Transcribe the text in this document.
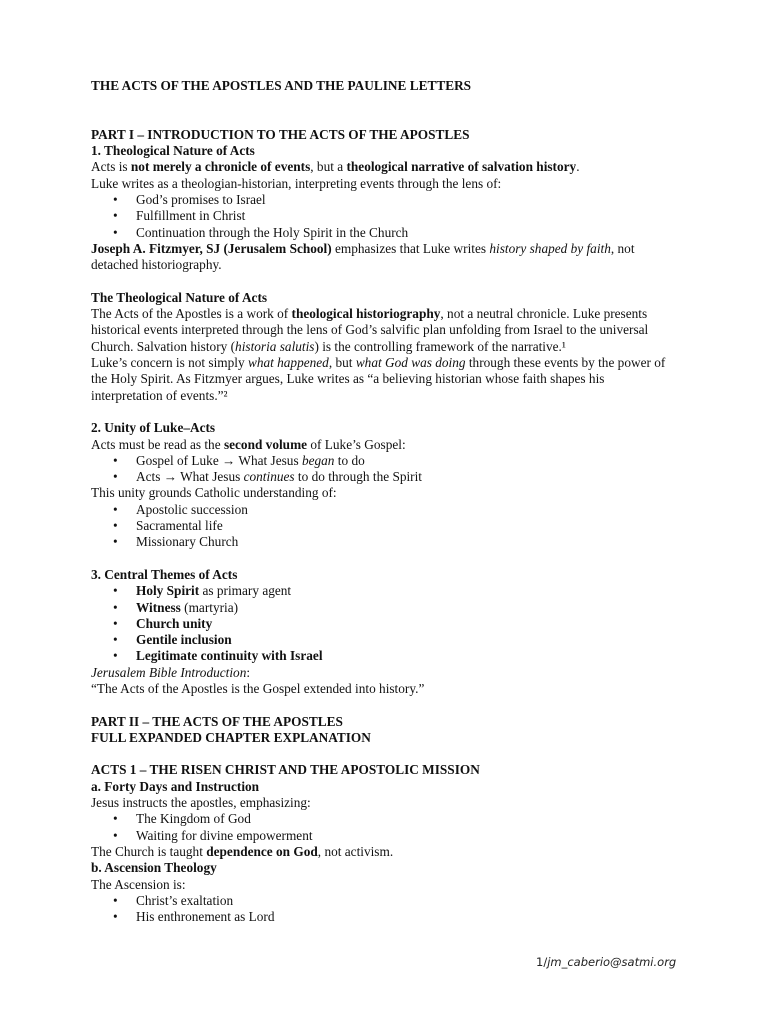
THE ACTS OF THE APOSTLES AND THE PAULINE LETTERS
PART I – INTRODUCTION TO THE ACTS OF THE APOSTLES
1. Theological Nature of Acts
Acts is not merely a chronicle of events, but a theological narrative of salvation history.
Luke writes as a theologian-historian, interpreting events through the lens of:
• God’s promises to Israel
• Fulfillment in Christ
• Continuation through the Holy Spirit in the Church
Joseph A. Fitzmyer, SJ (Jerusalem School) emphasizes that Luke writes history shaped by faith, not detached historiography.
The Theological Nature of Acts
The Acts of the Apostles is a work of theological historiography, not a neutral chronicle. Luke presents historical events interpreted through the lens of God’s salvific plan unfolding from Israel to the universal Church. Salvation history (historia salutis) is the controlling framework of the narrative.¹
Luke’s concern is not simply what happened, but what God was doing through these events by the power of the Holy Spirit. As Fitzmyer argues, Luke writes as “a believing historian whose faith shapes his interpretation of events.”²
2. Unity of Luke–Acts
Acts must be read as the second volume of Luke’s Gospel:
• Gospel of Luke → What Jesus began to do
• Acts → What Jesus continues to do through the Spirit
This unity grounds Catholic understanding of:
• Apostolic succession
• Sacramental life
• Missionary Church
3. Central Themes of Acts
• Holy Spirit as primary agent
• Witness (martyria)
• Church unity
• Gentile inclusion
• Legitimate continuity with Israel
Jerusalem Bible Introduction:
“The Acts of the Apostles is the Gospel extended into history.”
PART II – THE ACTS OF THE APOSTLES
FULL EXPANDED CHAPTER EXPLANATION
ACTS 1 – THE RISEN CHRIST AND THE APOSTOLIC MISSION
a. Forty Days and Instruction
Jesus instructs the apostles, emphasizing:
• The Kingdom of God
• Waiting for divine empowerment
The Church is taught dependence on God, not activism.
b. Ascension Theology
The Ascension is:
• Christ’s exaltation
• His enthronement as Lord
1/jm_caberio@satmi.org
